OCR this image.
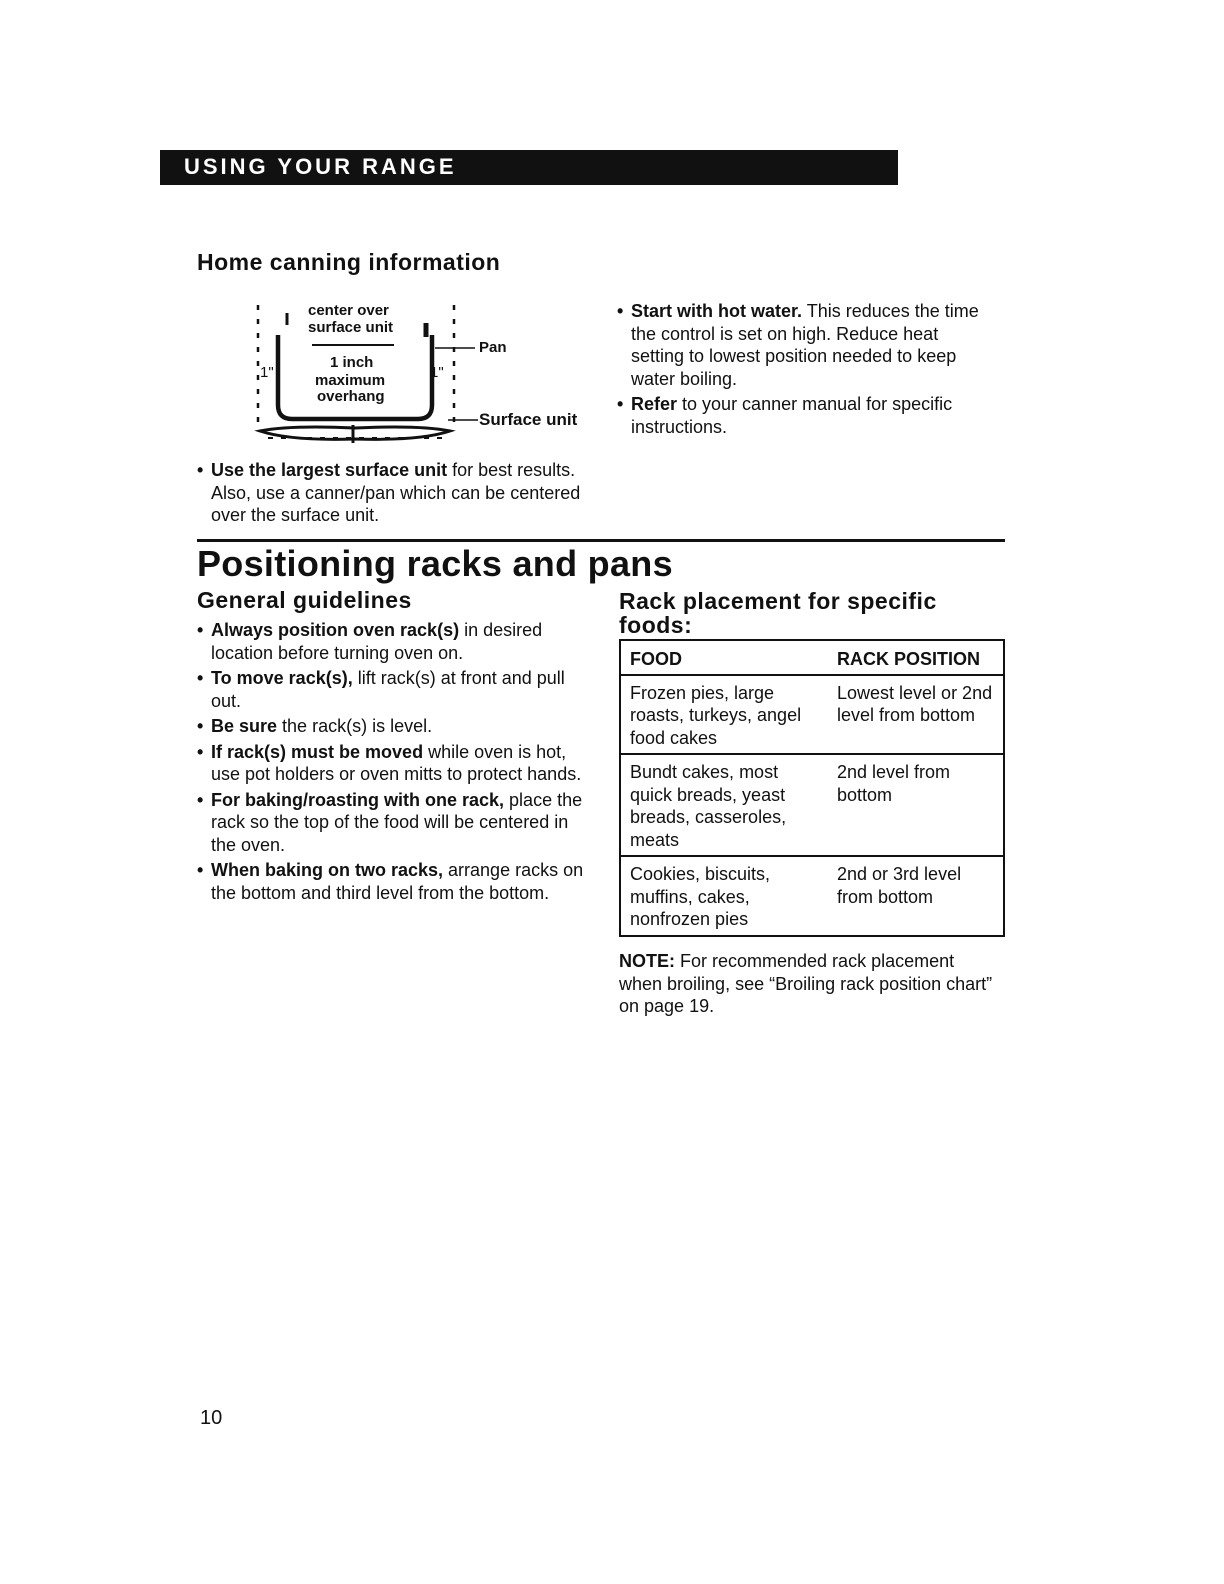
USING YOUR RANGE
Home canning information
center over
surface unit
1 inch
maximum
overhang
1"	1"
Pan
Surface unit
• Use the largest surface unit for best results. Also, use a canner/pan which can be centered over the surface unit.
• Start with hot water. This reduces the time the control is set on high. Reduce heat setting to lowest position needed to keep water boiling.
• Refer to your canner manual for specific instructions.
Positioning racks and pans
General guidelines
• Always position oven rack(s) in desired location before turning oven on.
• To move rack(s), lift rack(s) at front and pull out.
• Be sure the rack(s) is level.
• If rack(s) must be moved while oven is hot, use pot holders or oven mitts to protect hands.
• For baking/roasting with one rack, place the rack so the top of the food will be centered in the oven.
• When baking on two racks, arrange racks on the bottom and third level from the bottom.
Rack placement for specific foods:
FOOD	RACK POSITION
Frozen pies, large roasts, turkeys, angel food cakes	Lowest level or 2nd level from bottom
Bundt cakes, most quick breads, yeast breads, casseroles, meats	2nd level from bottom
Cookies, biscuits, muffins, cakes, nonfrozen pies	2nd or 3rd level from bottom
NOTE: For recommended rack placement when broiling, see “Broiling rack position chart” on page 19.
10
